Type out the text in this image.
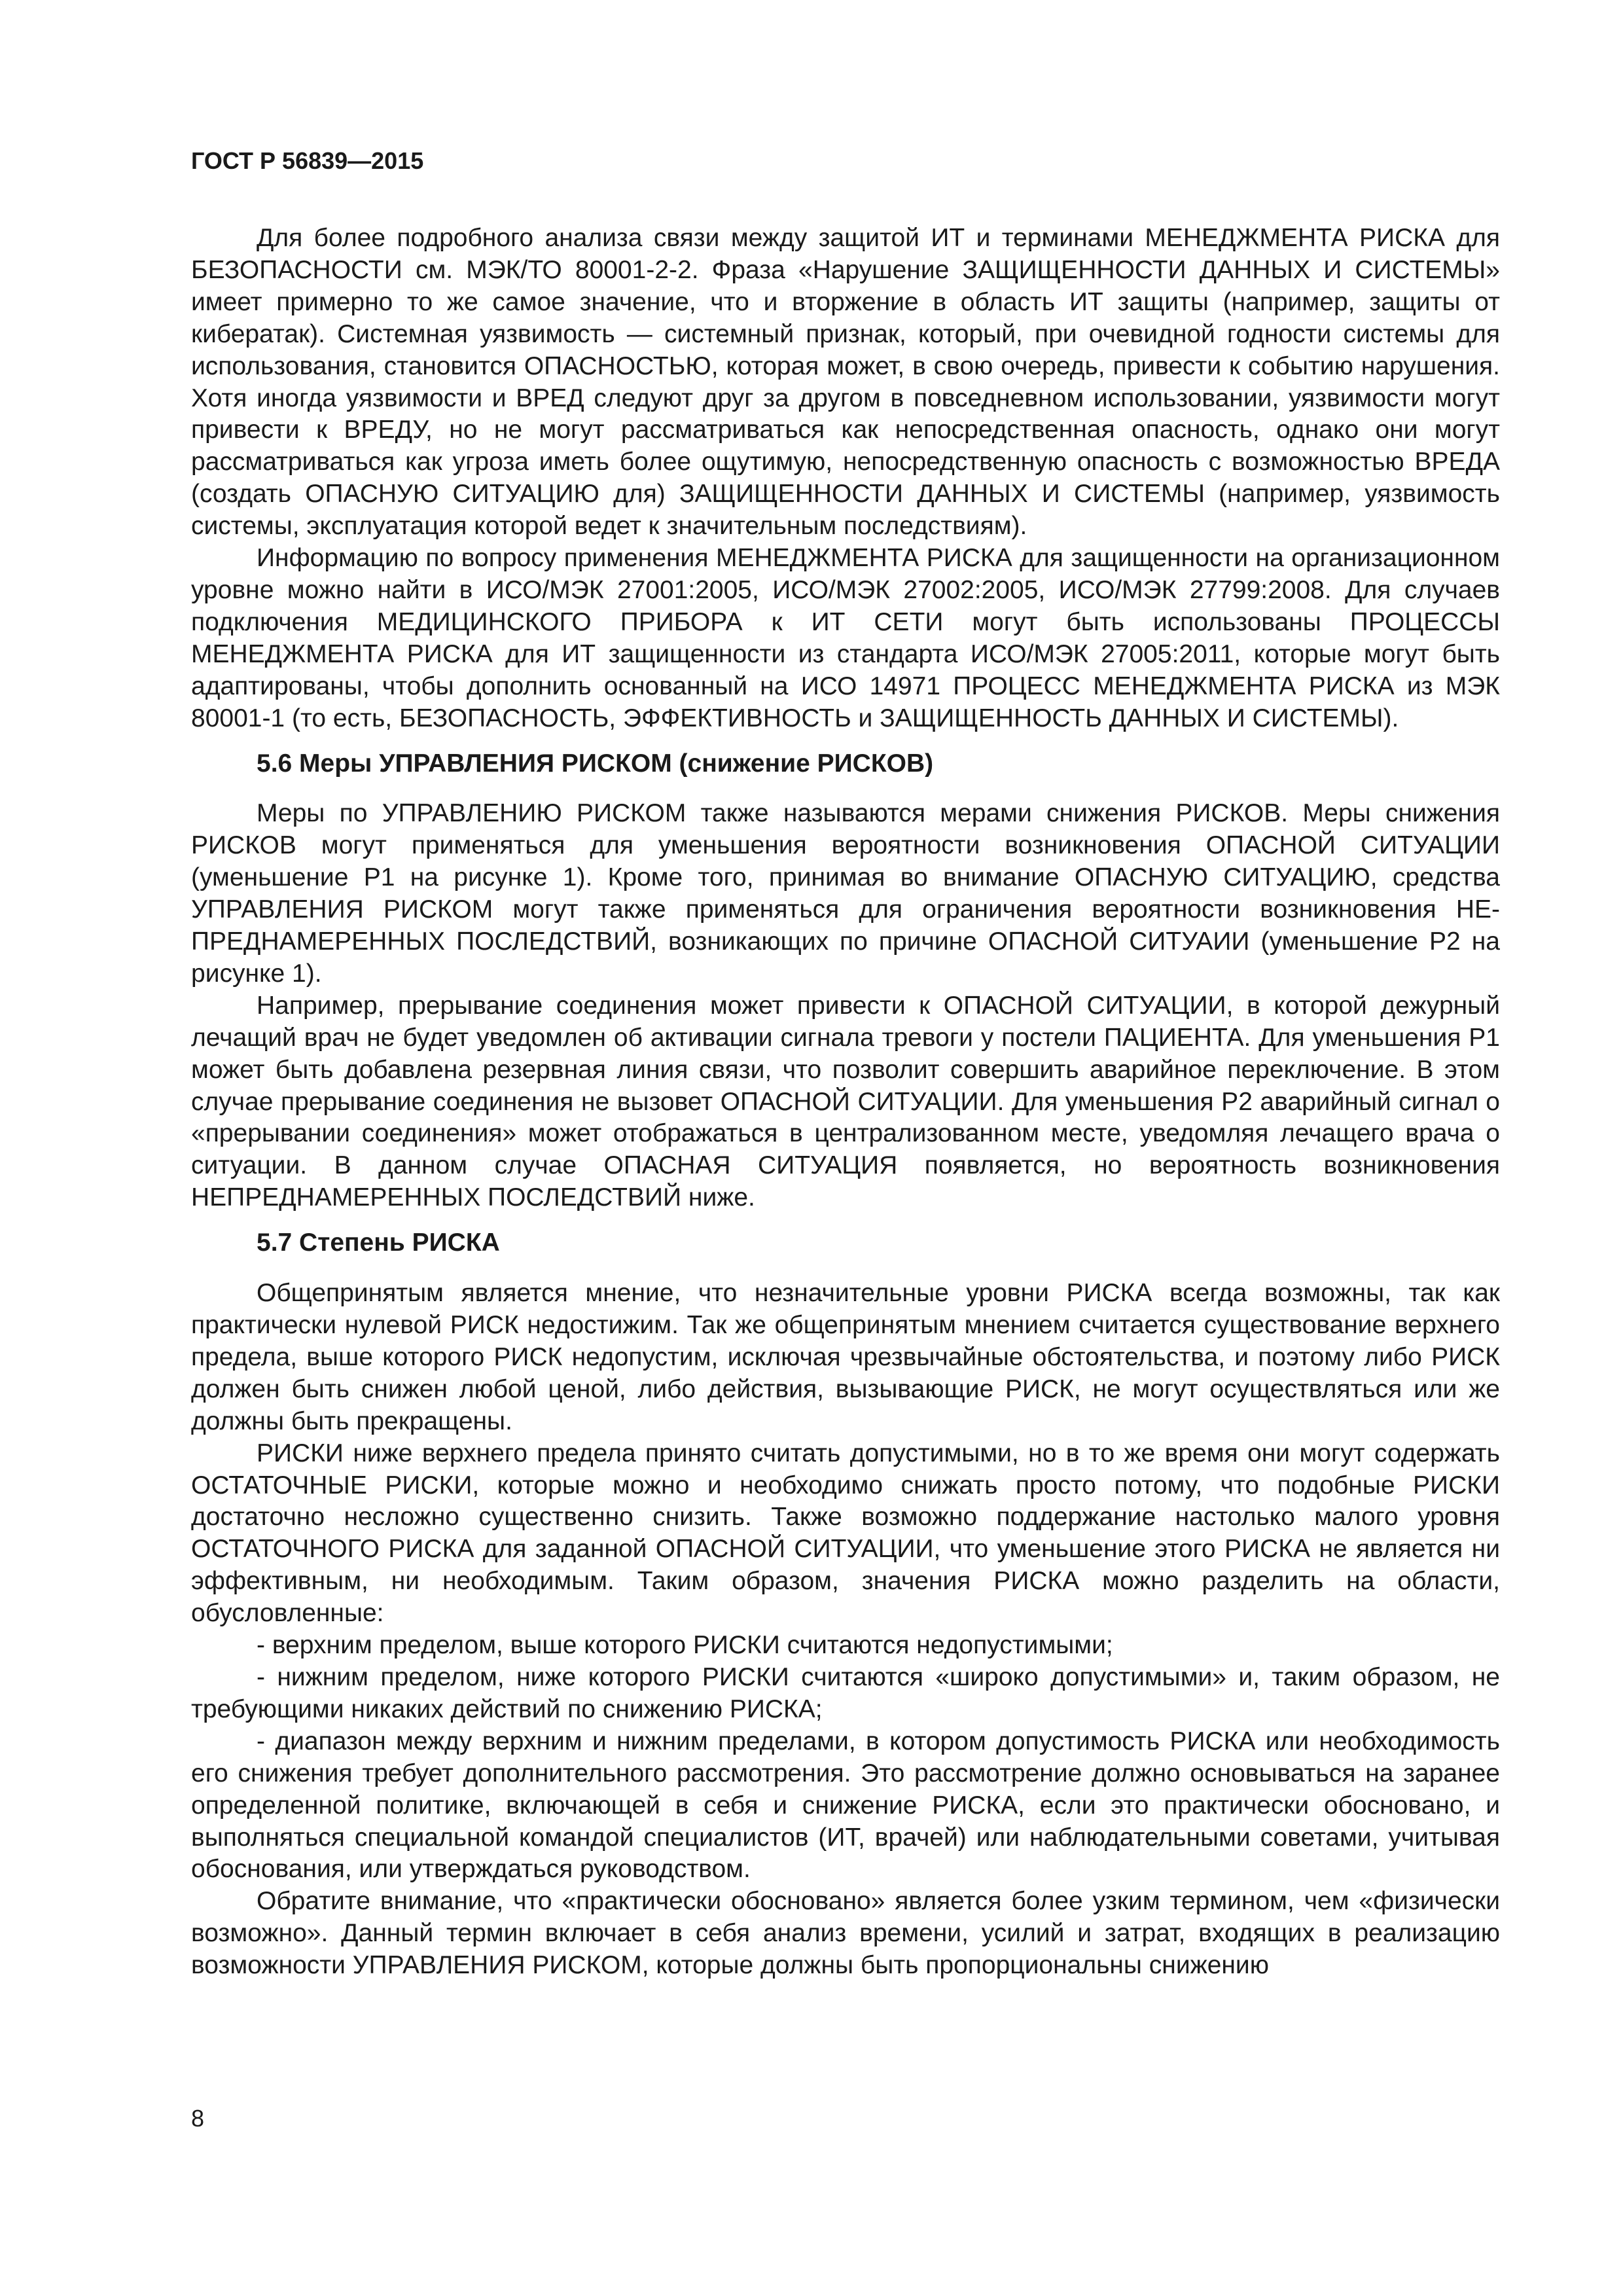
ГОСТ Р 56839—2015

Для более подробного анализа связи между защитой ИТ и терминами МЕНЕДЖМЕНТА РИСКА для БЕЗОПАСНОСТИ см. МЭК/ТО 80001-2-2. Фраза «Нарушение ЗАЩИЩЕННОСТИ ДАННЫХ И СИСТЕМЫ» имеет примерно то же самое значение, что и вторжение в область ИТ защиты (например, защиты от кибератак). Системная уязвимость — системный признак, который, при очевидной годности системы для использования, становится ОПАСНОСТЬЮ, которая может, в свою очередь, привести к событию нарушения. Хотя иногда уязвимости и ВРЕД следуют друг за другом в повседневном использовании, уязвимости могут привести к ВРЕДУ, но не могут рассматриваться как непосредственная опасность, однако они могут рассматриваться как угроза иметь более ощутимую, непосредственную опасность с возможностью ВРЕДА (создать ОПАСНУЮ СИТУАЦИЮ для) ЗАЩИЩЕННОСТИ ДАННЫХ И СИСТЕМЫ (например, уязвимость системы, эксплуатация которой ведет к значительным последствиям).

Информацию по вопросу применения МЕНЕДЖМЕНТА РИСКА для защищенности на организационном уровне можно найти в ИСО/МЭК 27001:2005, ИСО/МЭК 27002:2005, ИСО/МЭК 27799:2008. Для случаев подключения МЕДИЦИНСКОГО ПРИБОРА к ИТ СЕТИ могут быть использованы ПРОЦЕССЫ МЕНЕДЖМЕНТА РИСКА для ИТ защищенности из стандарта ИСО/МЭК 27005:2011, которые могут быть адаптированы, чтобы дополнить основанный на ИСО 14971 ПРОЦЕСС МЕНЕДЖМЕНТА РИСКА из МЭК 80001-1 (то есть, БЕЗОПАСНОСТЬ, ЭФФЕКТИВНОСТЬ и ЗАЩИЩЕННОСТЬ ДАННЫХ И СИСТЕМЫ).

5.6 Меры УПРАВЛЕНИЯ РИСКОМ (снижение РИСКОВ)

Меры по УПРАВЛЕНИЮ РИСКОМ также называются мерами снижения РИСКОВ. Меры снижения РИСКОВ могут применяться для уменьшения вероятности возникновения ОПАСНОЙ СИТУАЦИИ (уменьшение Р1 на рисунке 1). Кроме того, принимая во внимание ОПАСНУЮ СИТУАЦИЮ, средства УПРАВЛЕНИЯ РИСКОМ могут также применяться для ограничения вероятности возникновения НЕПРЕДНАМЕРЕННЫХ ПОСЛЕДСТВИЙ, возникающих по причине ОПАСНОЙ СИТУАИИ (уменьшение Р2 на рисунке 1).

Например, прерывание соединения может привести к ОПАСНОЙ СИТУАЦИИ, в которой дежурный лечащий врач не будет уведомлен об активации сигнала тревоги у постели ПАЦИЕНТА. Для уменьшения Р1 может быть добавлена резервная линия связи, что позволит совершить аварийное переключение. В этом случае прерывание соединения не вызовет ОПАСНОЙ СИТУАЦИИ. Для уменьшения Р2 аварийный сигнал о «прерывании соединения» может отображаться в централизованном месте, уведомляя лечащего врача о ситуации. В данном случае ОПАСНАЯ СИТУАЦИЯ появляется, но вероятность возникновения НЕПРЕДНАМЕРЕННЫХ ПОСЛЕДСТВИЙ ниже.

5.7 Степень РИСКА

Общепринятым является мнение, что незначительные уровни РИСКА всегда возможны, так как практически нулевой РИСК недостижим. Так же общепринятым мнением считается существование верхнего предела, выше которого РИСК недопустим, исключая чрезвычайные обстоятельства, и поэтому либо РИСК должен быть снижен любой ценой, либо действия, вызывающие РИСК, не могут осуществляться или же должны быть прекращены.

РИСКИ ниже верхнего предела принято считать допустимыми, но в то же время они могут содержать ОСТАТОЧНЫЕ РИСКИ, которые можно и необходимо снижать просто потому, что подобные РИСКИ достаточно несложно существенно снизить. Также возможно поддержание настолько малого уровня ОСТАТОЧНОГО РИСКА для заданной ОПАСНОЙ СИТУАЦИИ, что уменьшение этого РИСКА не является ни эффективным, ни необходимым. Таким образом, значения РИСКА можно разделить на области, обусловленные:

- верхним пределом, выше которого РИСКИ считаются недопустимыми;

- нижним пределом, ниже которого РИСКИ считаются «широко допустимыми» и, таким образом, не требующими никаких действий по снижению РИСКА;

- диапазон между верхним и нижним пределами, в котором допустимость РИСКА или необходимость его снижения требует дополнительного рассмотрения. Это рассмотрение должно основываться на заранее определенной политике, включающей в себя и снижение РИСКА, если это практически обосновано, и выполняться специальной командой специалистов (ИТ, врачей) или наблюдательными советами, учитывая обоснования, или утверждаться руководством.

Обратите внимание, что «практически обосновано» является более узким термином, чем «физически возможно». Данный термин включает в себя анализ времени, усилий и затрат, входящих в реализацию возможности УПРАВЛЕНИЯ РИСКОМ, которые должны быть пропорциональны снижению

8
